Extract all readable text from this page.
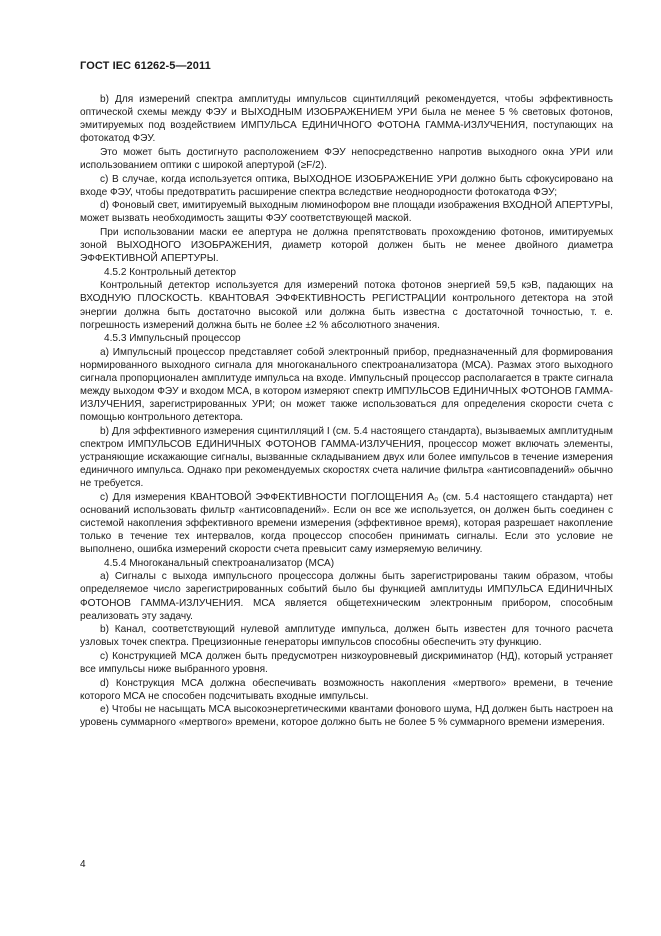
ГОСТ IEC 61262-5—2011

b) Для измерений спектра амплитуды импульсов сцинтилляций рекомендуется, чтобы эффективность оптической схемы между ФЭУ и ВЫХОДНЫМ ИЗОБРАЖЕНИЕМ УРИ была не менее 5 % световых фотонов, эмитируемых под воздействием ИМПУЛЬСА ЕДИНИЧНОГО ФОТОНА ГАММА-ИЗЛУЧЕНИЯ, поступающих на фотокатод ФЭУ.

Это может быть достигнуто расположением ФЭУ непосредственно напротив выходного окна УРИ или использованием оптики с широкой апертурой (≥F/2).

c) В случае, когда используется оптика, ВЫХОДНОЕ ИЗОБРАЖЕНИЕ УРИ должно быть сфокусировано на входе ФЭУ, чтобы предотвратить расширение спектра вследствие неоднородности фотокатода ФЭУ;

d) Фоновый свет, имитируемый выходным люминофором вне площади изображения ВХОДНОЙ АПЕРТУРЫ, может вызвать необходимость защиты ФЭУ соответствующей маской.

При использовании маски ее апертура не должна препятствовать прохождению фотонов, имитируемых зоной ВЫХОДНОГО ИЗОБРАЖЕНИЯ, диаметр которой должен быть не менее двойного диаметра ЭФФЕКТИВНОЙ АПЕРТУРЫ.

4.5.2 Контрольный детектор

Контрольный детектор используется для измерений потока фотонов энергией 59,5 кэВ, падающих на ВХОДНУЮ ПЛОСКОСТЬ. КВАНТОВАЯ ЭФФЕКТИВНОСТЬ РЕГИСТРАЦИИ контрольного детектора на этой энергии должна быть достаточно высокой или должна быть известна с достаточной точностью, т. е. погрешность измерений должна быть не более ±2 % абсолютного значения.

4.5.3 Импульсный процессор

a) Импульсный процессор представляет собой электронный прибор, предназначенный для формирования нормированного выходного сигнала для многоканального спектроанализатора (МСА). Размах этого выходного сигнала пропорционален амплитуде импульса на входе. Импульсный процессор располагается в тракте сигнала между выходом ФЭУ и входом МСА, в котором измеряют спектр ИМПУЛЬСОВ ЕДИНИЧНЫХ ФОТОНОВ ГАММА-ИЗЛУЧЕНИЯ, зарегистрированных УРИ; он может также использоваться для определения скорости счета с помощью контрольного детектора.

b) Для эффективного измерения сцинтилляций I (см. 5.4 настоящего стандарта), вызываемых амплитудным спектром ИМПУЛЬСОВ ЕДИНИЧНЫХ ФОТОНОВ ГАММА-ИЗЛУЧЕНИЯ, процессор может включать элементы, устраняющие искажающие сигналы, вызванные складыванием двух или более импульсов в течение измерения единичного импульса. Однако при рекомендуемых скоростях счета наличие фильтра «антисовпадений» обычно не требуется.

c) Для измерения КВАНТОВОЙ ЭФФЕКТИВНОСТИ ПОГЛОЩЕНИЯ A₀ (см. 5.4 настоящего стандарта) нет оснований использовать фильтр «антисовпадений». Если он все же используется, он должен быть соединен с системой накопления эффективного времени измерения (эффективное время), которая разрешает накопление только в течение тех интервалов, когда процессор способен принимать сигналы. Если это условие не выполнено, ошибка измерений скорости счета превысит саму измеряемую величину.

4.5.4 Многоканальный спектроанализатор (МСА)

a) Сигналы с выхода импульсного процессора должны быть зарегистрированы таким образом, чтобы определяемое число зарегистрированных событий было бы функцией амплитуды ИМПУЛЬСА ЕДИНИЧНЫХ ФОТОНОВ ГАММА-ИЗЛУЧЕНИЯ. МСА является общетехническим электронным прибором, способным реализовать эту задачу.

b) Канал, соответствующий нулевой амплитуде импульса, должен быть известен для точного расчета узловых точек спектра. Прецизионные генераторы импульсов способны обеспечить эту функцию.

c) Конструкцией МСА должен быть предусмотрен низкоуровневый дискриминатор (НД), который устраняет все импульсы ниже выбранного уровня.

d) Конструкция МСА должна обеспечивать возможность накопления «мертвого» времени, в течение которого МСА не способен подсчитывать входные импульсы.

e) Чтобы не насыщать МСА высокоэнергетическими квантами фонового шума, НД должен быть настроен на уровень суммарного «мертвого» времени, которое должно быть не более 5 % суммарного времени измерения.

4
